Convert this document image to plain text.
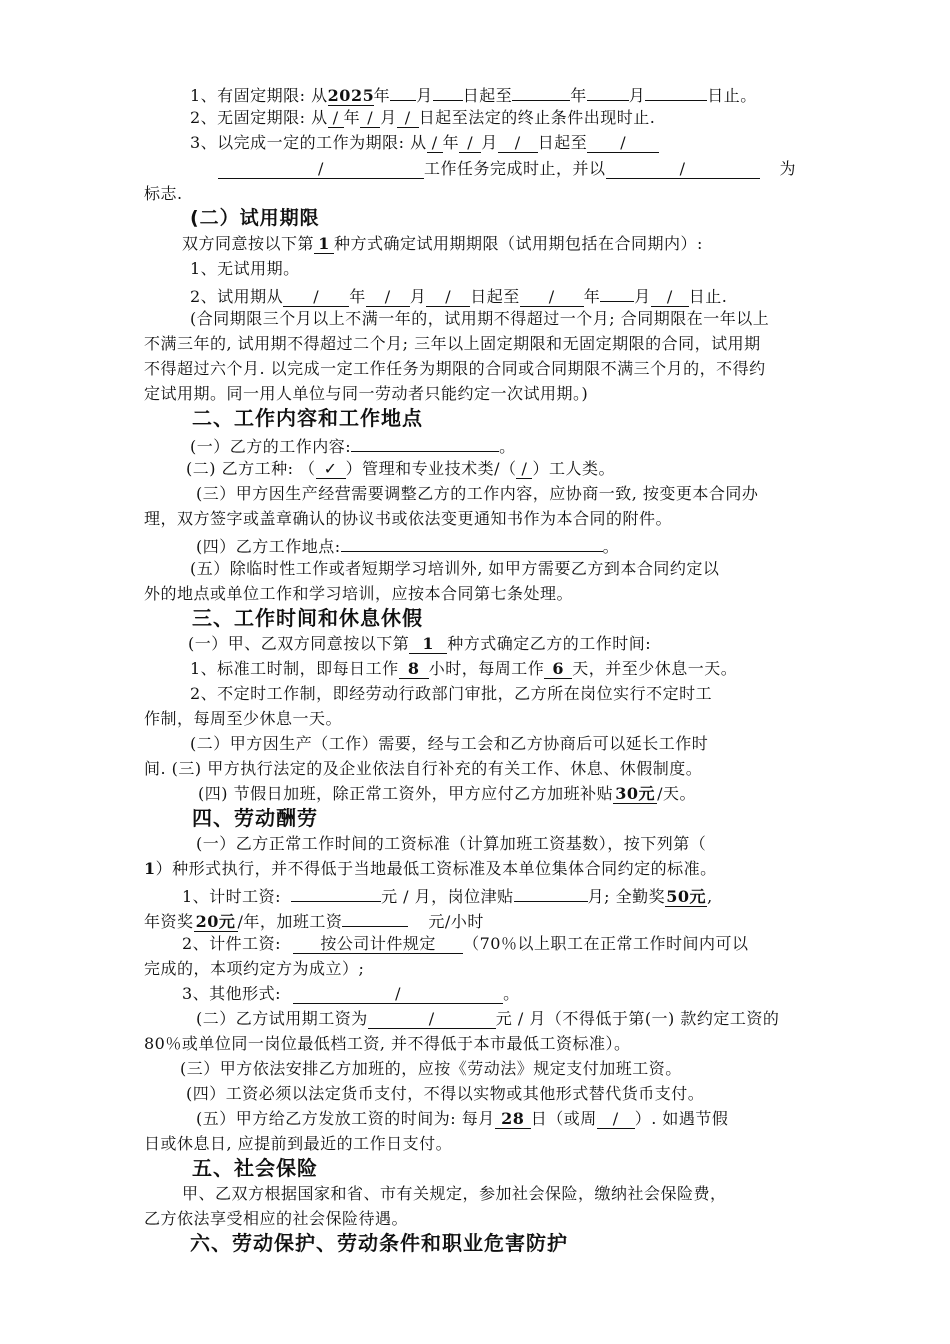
1、有固定期限: 从2025年 月 日起至	年	月	日止。
2、无固定期限: 从 / 年 / 月 / 日起至法定的终止条件出现时止.
3、以完成一定的工作为期限: 从 / 年 / 月 / 日起至 /
/	工作任务完成时止，并以	/	为
标志.
(二）试用期限
双方同意按以下第 1 种方式确定试用期期限（试用期包括在合同期内）:
1、无试用期。
2、试用期从 / 年 / 月 / 日起至 / 年 月 / 日止.
(合同期限三个月以上不满一年的，试用期不得超过一个月; 合同期限在一年以上
不满三年的, 试用期不得超过二个月; 三年以上固定期限和无固定期限的合同，试用期
不得超过六个月. 以完成一定工作任务为期限的合同或合同期限不满三个月的，不得约
定试用期。同一用人单位与同一劳动者只能约定一次试用期。)
二、工作内容和工作地点
(一）乙方的工作内容:	。
(二) 乙方工种: （ ✓ ）管理和专业技术类/（ / ）工人类。
(三）甲方因生产经营需要调整乙方的工作内容，应协商一致, 按变更本合同办
理，双方签字或盖章确认的协议书或依法变更通知书作为本合同的附件。
(四）乙方工作地点:	。
(五）除临时性工作或者短期学习培训外, 如甲方需要乙方到本合同约定以
外的地点或单位工作和学习培训，应按本合同第七条处理。
三、工作时间和休息休假
(一）甲、乙双方同意按以下第 1 种方式确定乙方的工作时间:
1、标准工时制，即每日工作 8 小时，每周工作 6 天，并至少休息一天。
2、不定时工作制，即经劳动行政部门审批，乙方所在岗位实行不定时工
作制，每周至少休息一天。
(二）甲方因生产（工作）需要，经与工会和乙方协商后可以延长工作时
间. (三) 甲方执行法定的及企业依法自行补充的有关工作、休息、休假制度。
(四) 节假日加班，除正常工资外，甲方应付乙方加班补贴 30元 /天。
四、劳动酬劳
(一）乙方正常工作时间的工资标准（计算加班工资基数），按下列第（
1）种形式执行，并不得低于当地最低工资标准及本单位集体合同约定的标准。
1、计时工资:	元 / 月，岗位津贴	月; 全勤奖50元,
年资奖 20元 /年，加班工资	元/小时
2、计件工资: 按公司计件规定 （70％以上职工在正常工作时间内可以
完成的，本项约定方为成立）;
3、其他形式:	/	。
(二）乙方试用期工资为	/	元 / 月（不得低于第(一) 款约定工资的
80％或单位同一岗位最低档工资, 并不得低于本市最低工资标准）。
(三）甲方依法安排乙方加班的，应按《劳动法》规定支付加班工资。
(四）工资必须以法定货币支付，不得以实物或其他形式替代货币支付。
(五）甲方给乙方发放工资的时间为: 每月 28 日（或周 / ）. 如遇节假
日或休息日, 应提前到最近的工作日支付。
五、社会保险
甲、乙双方根据国家和省、市有关规定，参加社会保险，缴纳社会保险费，
乙方依法享受相应的社会保险待遇。
六、劳动保护、劳动条件和职业危害防护
